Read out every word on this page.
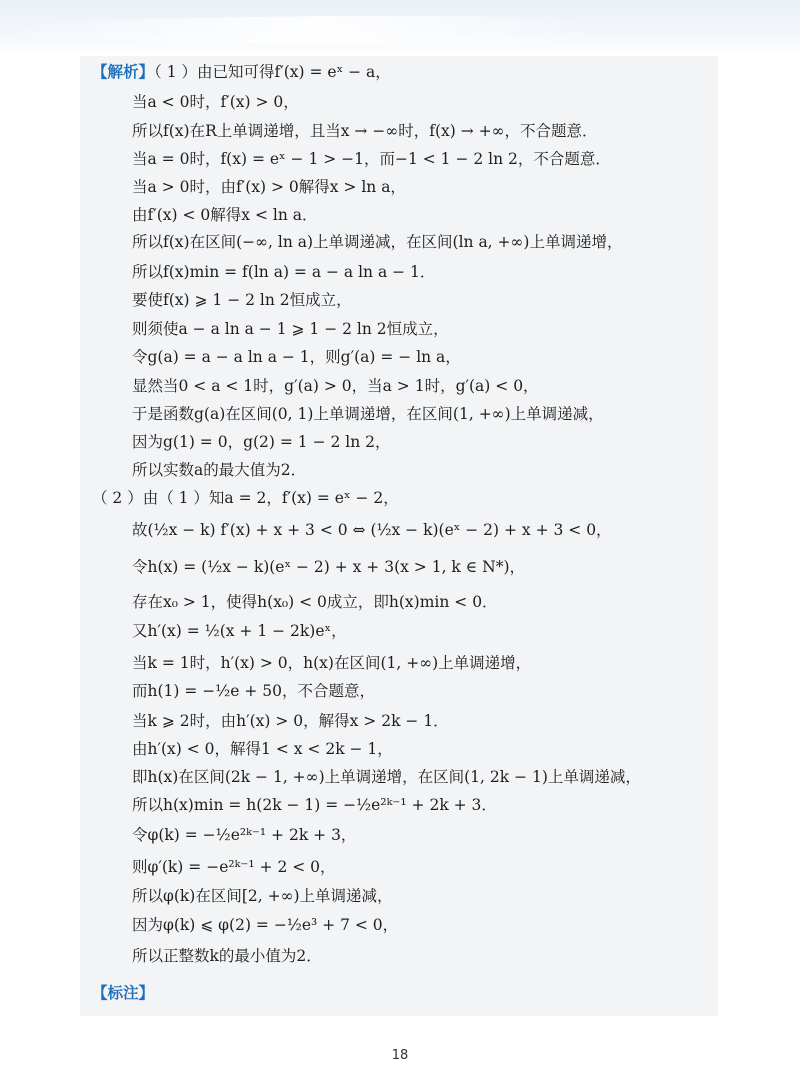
【解析】（ 1 ）由已知可得f′(x) = eˣ − a，
当a < 0时，f′(x) > 0，
所以f(x)在R上单调递增，且当x → −∞时，f(x) → +∞，不合题意．
当a = 0时，f(x) = eˣ − 1 > −1，而−1 < 1 − 2 ln 2，不合题意．
当a > 0时，由f′(x) > 0解得x > ln a，
由f′(x) < 0解得x < ln a．
所以f(x)在区间(−∞, ln a)上单调递减，在区间(ln a, +∞)上单调递增，
所以f(x)min = f(ln a) = a − a ln a − 1．
要使f(x) ⩾ 1 − 2 ln 2恒成立，
则须使a − a ln a − 1 ⩾ 1 − 2 ln 2恒成立，
令g(a) = a − a ln a − 1，则g′(a) = − ln a，
显然当0 < a < 1时，g′(a) > 0，当a > 1时，g′(a) < 0，
于是函数g(a)在区间(0, 1)上单调递增，在区间(1, +∞)上单调递减，
因为g(1) = 0，g(2) = 1 − 2 ln 2，
所以实数a的最大值为2．
（ 2 ）由（ 1 ）知a = 2，f′(x) = eˣ − 2，
故(½x − k) f′(x) + x + 3 < 0 ⇔ (½x − k)(eˣ − 2) + x + 3 < 0，
令h(x) = (½x − k)(eˣ − 2) + x + 3(x > 1, k ∈ N*)，
存在x₀ > 1，使得h(x₀) < 0成立，即h(x)min < 0．
又h′(x) = ½(x + 1 − 2k)eˣ，
当k = 1时，h′(x) > 0，h(x)在区间(1, +∞)上单调递增，
而h(1) = −½e + 50，不合题意，
当k ⩾ 2时，由h′(x) > 0，解得x > 2k − 1．
由h′(x) < 0，解得1 < x < 2k − 1，
即h(x)在区间(2k − 1, +∞)上单调递增，在区间(1, 2k − 1)上单调递减，
所以h(x)min = h(2k − 1) = −½e²ᵏ⁻¹ + 2k + 3．
令φ(k) = −½e²ᵏ⁻¹ + 2k + 3，
则φ′(k) = −e²ᵏ⁻¹ + 2 < 0，
所以φ(k)在区间[2, +∞)上单调递减，
因为φ(k) ⩽ φ(2) = −½e³ + 7 < 0，
所以正整数k的最小值为2．
【标注】
18
